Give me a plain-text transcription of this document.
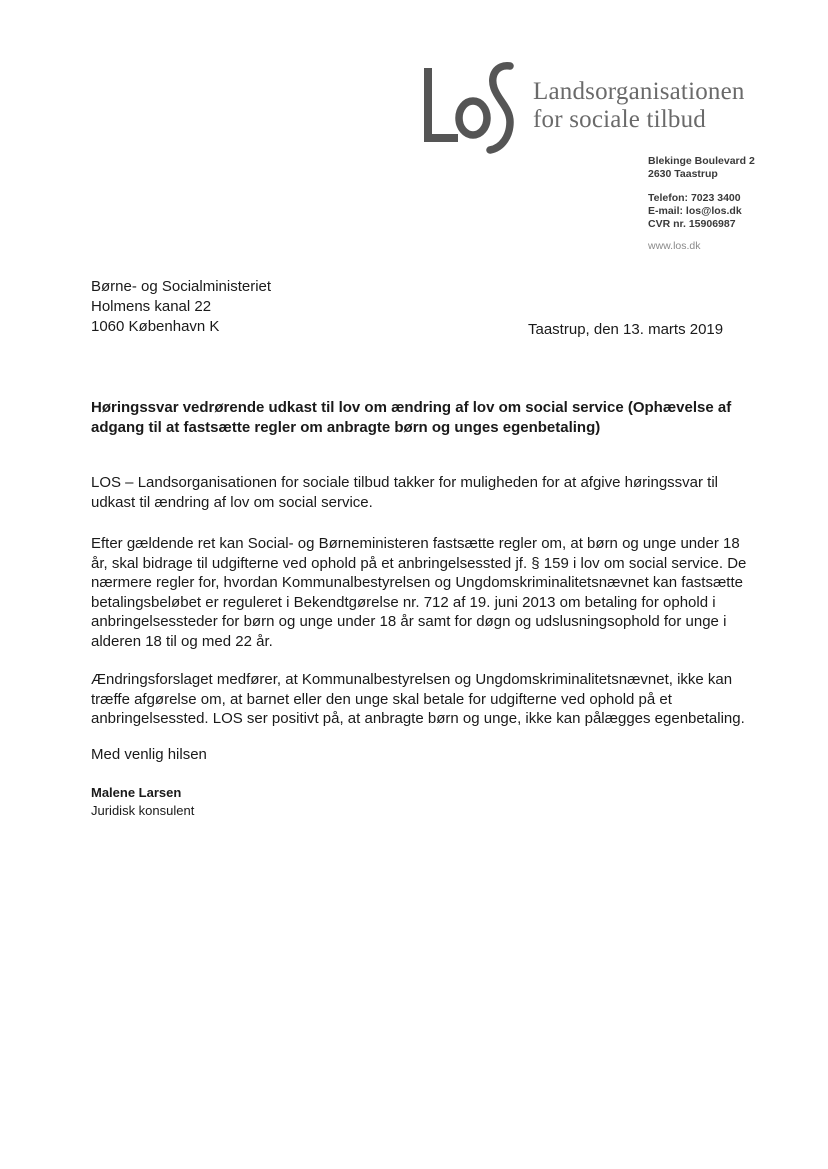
Landsorganisationen
for sociale tilbud
Blekinge Boulevard 2
2630 Taastrup
Telefon: 7023 3400
E-mail: los@los.dk
CVR nr. 15906987
www.los.dk
Børne- og Socialministeriet
Holmens kanal 22
1060 København K	Taastrup, den 13. marts 2019
Høringssvar vedrørende udkast til lov om ændring af lov om social service (Ophævelse af adgang til at fastsætte regler om anbragte børn og unges egenbetaling)
LOS – Landsorganisationen for sociale tilbud takker for muligheden for at afgive høringssvar til udkast til ændring af lov om social service.
Efter gældende ret kan Social- og Børneministeren fastsætte regler om, at børn og unge under 18 år, skal bidrage til udgifterne ved ophold på et anbringelsessted jf. § 159 i lov om social service. De nærmere regler for, hvordan Kommunalbestyrelsen og Ungdomskriminalitetsnævnet kan fastsætte betalingsbeløbet er reguleret i Bekendtgørelse nr. 712 af 19. juni 2013 om betaling for ophold i anbringelsessteder for børn og unge under 18 år samt for døgn og udslusningsophold for unge i alderen 18 til og med 22 år.
Ændringsforslaget medfører, at Kommunalbestyrelsen og Ungdomskriminalitetsnævnet, ikke kan træffe afgørelse om, at barnet eller den unge skal betale for udgifterne ved ophold på et anbringelsessted. LOS ser positivt på, at anbragte børn og unge, ikke kan pålægges egenbetaling.
Med venlig hilsen
Malene Larsen
Juridisk konsulent
